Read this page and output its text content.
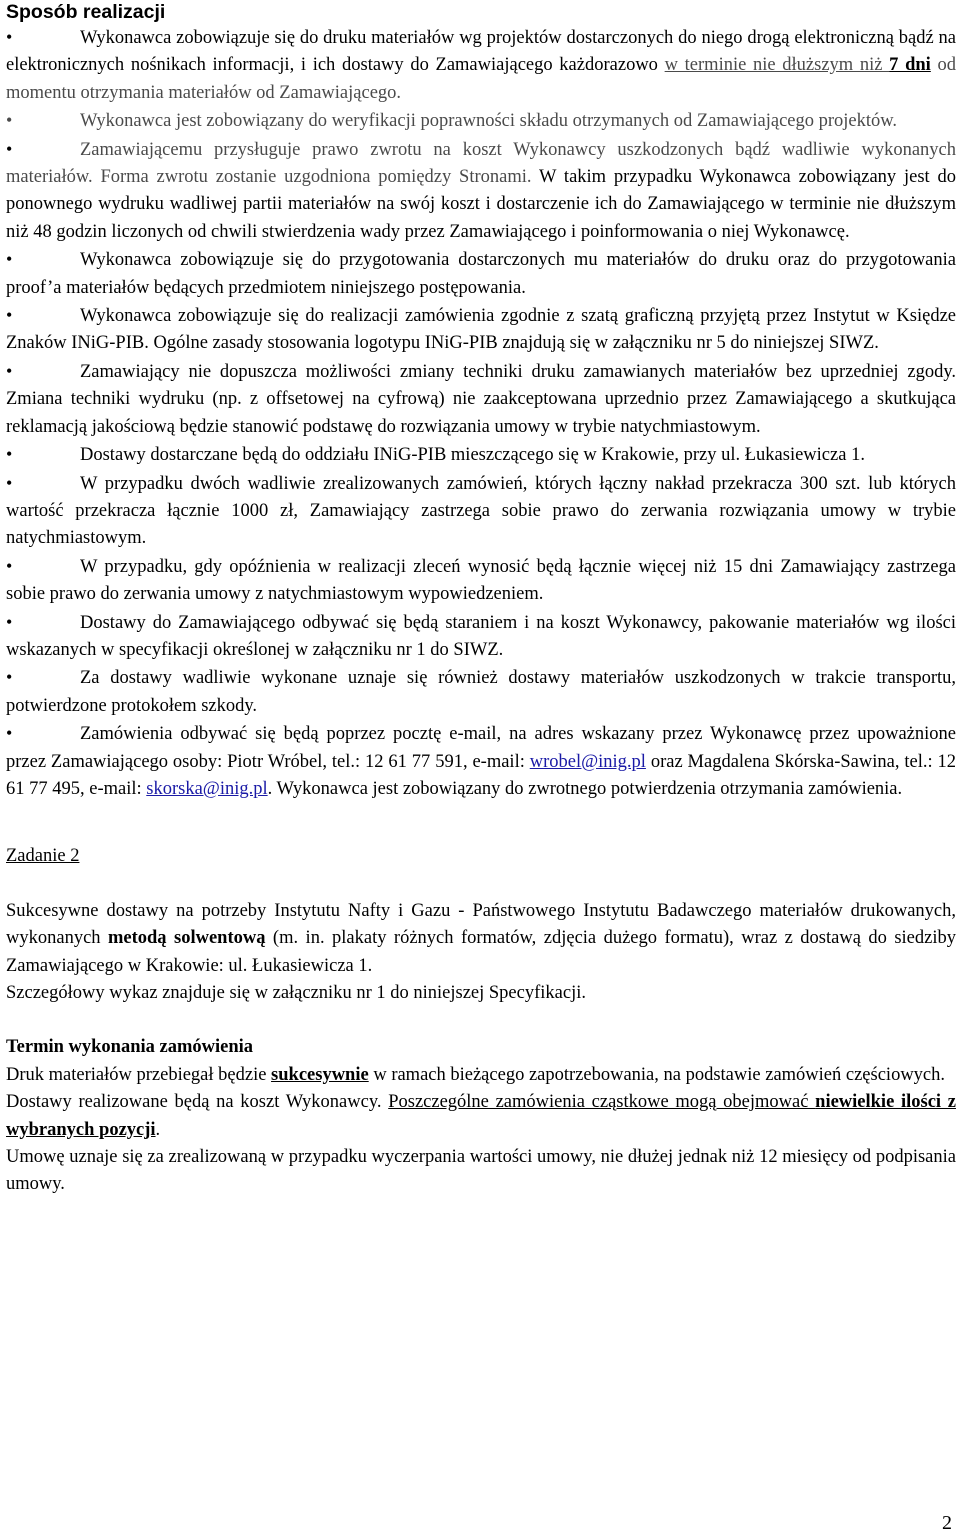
Sposób realizacji

•Wykonawca zobowiązuje się do druku materiałów wg projektów dostarczonych do niego drogą elektroniczną bądź na elektronicznych nośnikach informacji, i ich dostawy do Zamawiającego każdorazowo w terminie nie dłuższym niż 7 dni od momentu otrzymania materiałów od Zamawiającego.

•Wykonawca jest zobowiązany do weryfikacji poprawności składu otrzymanych od Zamawiającego projektów.

•Zamawiającemu przysługuje prawo zwrotu na koszt Wykonawcy uszkodzonych bądź wadliwie wykonanych materiałów. Forma zwrotu zostanie uzgodniona pomiędzy Stronami. W takim przypadku Wykonawca zobowiązany jest do ponownego wydruku wadliwej partii materiałów na swój koszt i dostarczenie ich do Zamawiającego w terminie nie dłuższym niż 48 godzin liczonych od chwili stwierdzenia wady przez Zamawiającego i poinformowania o niej Wykonawcę.

•Wykonawca zobowiązuje się do przygotowania dostarczonych mu materiałów do druku oraz do przygotowania proof’a materiałów będących przedmiotem niniejszego postępowania.

•Wykonawca zobowiązuje się do realizacji zamówienia zgodnie z szatą graficzną przyjętą przez Instytut w Księdze Znaków INiG-PIB. Ogólne zasady stosowania logotypu INiG-PIB znajdują się w załączniku nr 5 do niniejszej SIWZ.

•Zamawiający nie dopuszcza możliwości zmiany techniki druku zamawianych materiałów bez uprzedniej zgody. Zmiana techniki wydruku (np. z offsetowej na cyfrową) nie zaakceptowana uprzednio przez Zamawiającego a skutkująca reklamacją jakościową będzie stanowić podstawę do rozwiązania umowy w trybie natychmiastowym.

•Dostawy dostarczane będą do oddziału INiG-PIB mieszczącego się w Krakowie, przy ul. Łukasiewicza 1.

•W przypadku dwóch wadliwie zrealizowanych zamówień, których łączny nakład przekracza 300 szt. lub których wartość przekracza łącznie 1000 zł, Zamawiający zastrzega sobie prawo do zerwania rozwiązania umowy w trybie natychmiastowym.

•W przypadku, gdy opóźnienia w realizacji zleceń wynosić będą łącznie więcej niż 15 dni Zamawiający zastrzega sobie prawo do zerwania umowy z natychmiastowym wypowiedzeniem.

•Dostawy do Zamawiającego odbywać się będą staraniem i na koszt Wykonawcy, pakowanie materiałów wg ilości wskazanych w specyfikacji określonej w załączniku nr 1 do SIWZ.

•Za dostawy wadliwie wykonane uznaje się również dostawy materiałów uszkodzonych w trakcie transportu, potwierdzone protokołem szkody.

•Zamówienia odbywać się będą poprzez pocztę e-mail, na adres wskazany przez Wykonawcę przez upoważnione przez Zamawiającego osoby: Piotr Wróbel, tel.: 12 61 77 591, e-mail: wrobel@inig.pl oraz Magdalena Skórska-Sawina, tel.: 12 61 77 495, e-mail: skorska@inig.pl. Wykonawca jest zobowiązany do zwrotnego potwierdzenia otrzymania zamówienia.

Zadanie 2

Sukcesywne dostawy na potrzeby Instytutu Nafty i Gazu - Państwowego Instytutu Badawczego materiałów drukowanych, wykonanych metodą solwentową (m. in. plakaty różnych formatów, zdjęcia dużego formatu), wraz z dostawą do siedziby Zamawiającego w Krakowie: ul. Łukasiewicza 1.

Szczegółowy wykaz znajduje się w załączniku nr 1 do niniejszej Specyfikacji.

Termin wykonania zamówienia

Druk materiałów przebiegał będzie sukcesywnie w ramach bieżącego zapotrzebowania, na podstawie zamówień częściowych.

Dostawy realizowane będą na koszt Wykonawcy. Poszczególne zamówienia cząstkowe mogą obejmować niewielkie ilości z wybranych pozycji.

Umowę uznaje się za zrealizowaną w przypadku wyczerpania wartości umowy, nie dłużej jednak niż 12 miesięcy od podpisania umowy.

2
